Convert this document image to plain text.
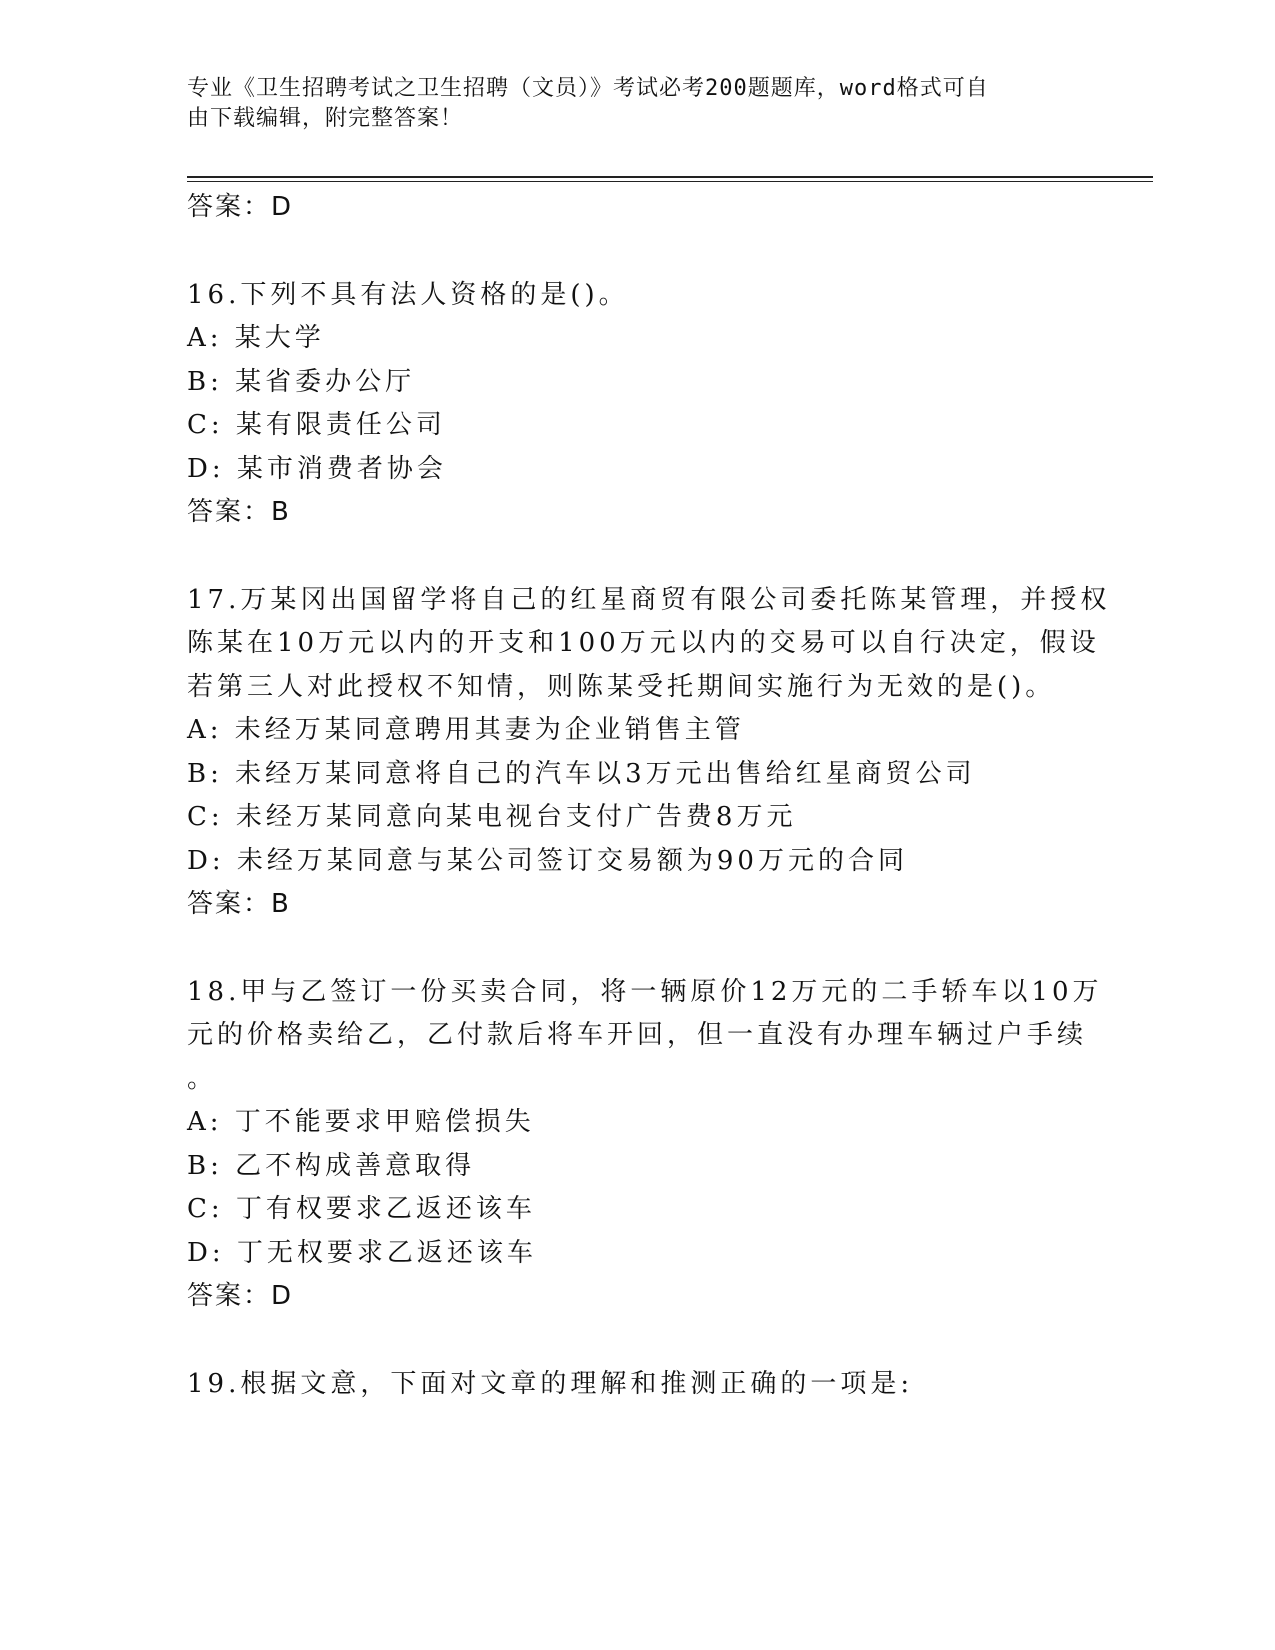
专业《卫生招聘考试之卫生招聘（文员）》考试必考200题题库，word格式可自
由下载编辑，附完整答案！
答案：D
16.下列不具有法人资格的是()。
A: 某大学
B: 某省委办公厅
C: 某有限责任公司
D: 某市消费者协会
答案：B
17.万某冈出国留学将自己的红星商贸有限公司委托陈某管理，并授权
陈某在10万元以内的开支和100万元以内的交易可以自行决定，假设
若第三人对此授权不知情，则陈某受托期间实施行为无效的是()。
A: 未经万某同意聘用其妻为企业销售主管
B: 未经万某同意将自己的汽车以3万元出售给红星商贸公司
C: 未经万某同意向某电视台支付广告费8万元
D: 未经万某同意与某公司签订交易额为90万元的合同
答案：B
18.甲与乙签订一份买卖合同，将一辆原价12万元的二手轿车以10万
元的价格卖给乙，乙付款后将车开回，但一直没有办理车辆过户手续
。
A: 丁不能要求甲赔偿损失
B: 乙不构成善意取得
C: 丁有权要求乙返还该车
D: 丁无权要求乙返还该车
答案：D
19.根据文意，下面对文章的理解和推测正确的一项是:
